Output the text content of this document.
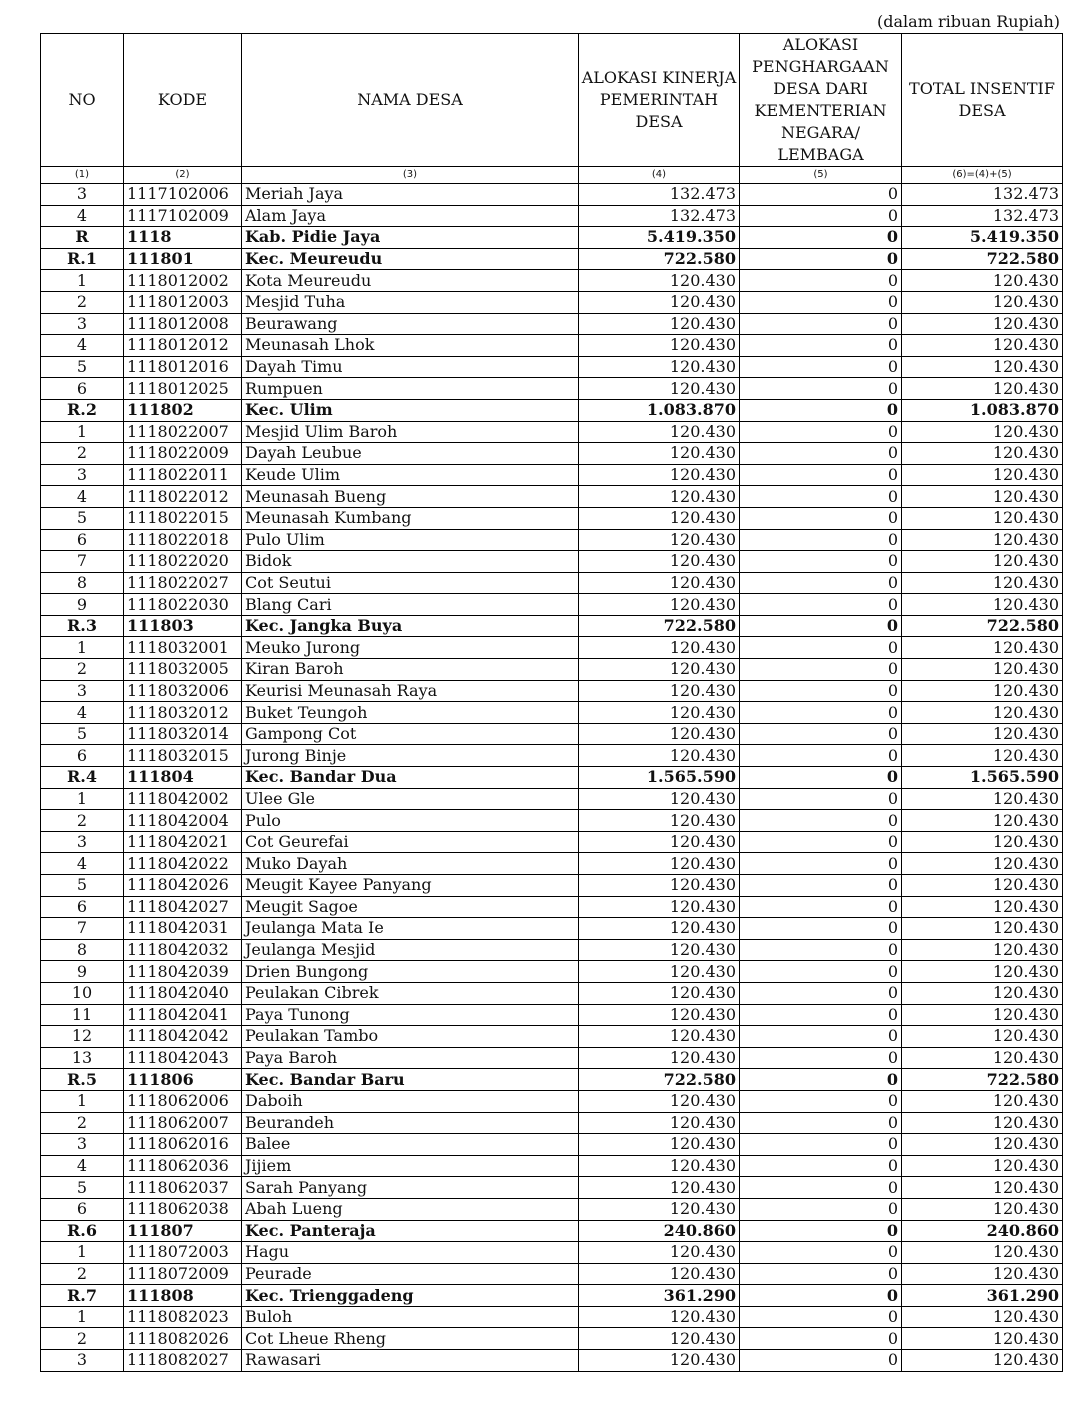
(dalam ribuan Rupiah)
NO	KODE	NAMA DESA	ALOKASI KINERJA PEMERINTAH DESA	ALOKASI PENGHARGAAN DESA DARI KEMENTERIAN NEGARA/ LEMBAGA	TOTAL INSENTIF DESA
(1)	(2)	(3)	(4)	(5)	(6)=(4)+(5)
3	1117102006	Meriah Jaya	132.473	0	132.473
4	1117102009	Alam Jaya	132.473	0	132.473
R	1118	Kab. Pidie Jaya	5.419.350	0	5.419.350
R.1	111801	Kec. Meureudu	722.580	0	722.580
1	1118012002	Kota Meureudu	120.430	0	120.430
2	1118012003	Mesjid Tuha	120.430	0	120.430
3	1118012008	Beurawang	120.430	0	120.430
4	1118012012	Meunasah Lhok	120.430	0	120.430
5	1118012016	Dayah Timu	120.430	0	120.430
6	1118012025	Rumpuen	120.430	0	120.430
R.2	111802	Kec. Ulim	1.083.870	0	1.083.870
1	1118022007	Mesjid Ulim Baroh	120.430	0	120.430
2	1118022009	Dayah Leubue	120.430	0	120.430
3	1118022011	Keude Ulim	120.430	0	120.430
4	1118022012	Meunasah Bueng	120.430	0	120.430
5	1118022015	Meunasah Kumbang	120.430	0	120.430
6	1118022018	Pulo Ulim	120.430	0	120.430
7	1118022020	Bidok	120.430	0	120.430
8	1118022027	Cot Seutui	120.430	0	120.430
9	1118022030	Blang Cari	120.430	0	120.430
R.3	111803	Kec. Jangka Buya	722.580	0	722.580
1	1118032001	Meuko Jurong	120.430	0	120.430
2	1118032005	Kiran Baroh	120.430	0	120.430
3	1118032006	Keurisi Meunasah Raya	120.430	0	120.430
4	1118032012	Buket Teungoh	120.430	0	120.430
5	1118032014	Gampong Cot	120.430	0	120.430
6	1118032015	Jurong Binje	120.430	0	120.430
R.4	111804	Kec. Bandar Dua	1.565.590	0	1.565.590
1	1118042002	Ulee Gle	120.430	0	120.430
2	1118042004	Pulo	120.430	0	120.430
3	1118042021	Cot Geurefai	120.430	0	120.430
4	1118042022	Muko Dayah	120.430	0	120.430
5	1118042026	Meugit Kayee Panyang	120.430	0	120.430
6	1118042027	Meugit Sagoe	120.430	0	120.430
7	1118042031	Jeulanga Mata Ie	120.430	0	120.430
8	1118042032	Jeulanga Mesjid	120.430	0	120.430
9	1118042039	Drien Bungong	120.430	0	120.430
10	1118042040	Peulakan Cibrek	120.430	0	120.430
11	1118042041	Paya Tunong	120.430	0	120.430
12	1118042042	Peulakan Tambo	120.430	0	120.430
13	1118042043	Paya Baroh	120.430	0	120.430
R.5	111806	Kec. Bandar Baru	722.580	0	722.580
1	1118062006	Daboih	120.430	0	120.430
2	1118062007	Beurandeh	120.430	0	120.430
3	1118062016	Balee	120.430	0	120.430
4	1118062036	Jijiem	120.430	0	120.430
5	1118062037	Sarah Panyang	120.430	0	120.430
6	1118062038	Abah Lueng	120.430	0	120.430
R.6	111807	Kec. Panteraja	240.860	0	240.860
1	1118072003	Hagu	120.430	0	120.430
2	1118072009	Peurade	120.430	0	120.430
R.7	111808	Kec. Trienggadeng	361.290	0	361.290
1	1118082023	Buloh	120.430	0	120.430
2	1118082026	Cot Lheue Rheng	120.430	0	120.430
3	1118082027	Rawasari	120.430	0	120.430
